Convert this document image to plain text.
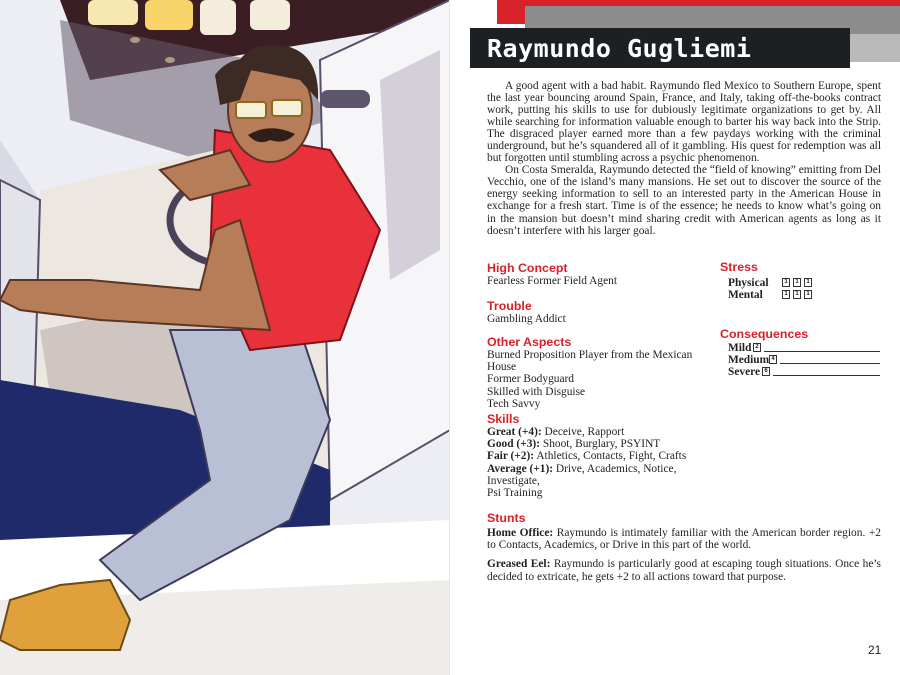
Raymundo Gugliemi

A good agent with a bad habit. Raymundo fled Mexico to Southern Europe, spent the last year bouncing around Spain, France, and Italy, taking off-the-books contract work, putting his skills to use for dubiously legitimate organizations to get by. All while searching for information valuable enough to barter his way back into the Strip. The disgraced player earned more than a few paydays working with the criminal underground, but he’s squandered all of it gambling. His quest for redemption was all but forgotten until stumbling across a psychic phenomenon.

On Costa Smeralda, Raymundo detected the “field of knowing” emitting from Del Vecchio, one of the island’s many mansions. He set out to discover the source of the energy seeking information to sell to an interested party in the American House in exchange for a fresh start. Time is of the essence; he needs to know what’s going on in the mansion but doesn’t mind sharing credit with American agents as long as it doesn’t interfere with his larger goal.

High Concept
Fearless Former Field Agent
Trouble
Gambling Addict
Other Aspects
Burned Proposition Player from the Mexican House
Former Bodyguard
Skilled with Disguise
Tech Savvy
Stress
Physical	1	1	1
Mental	1	1	1
Consequences
Mild 2
Medium 4
Severe 6
Skills
Great (+4): Deceive, Rapport
Good (+3): Shoot, Burglary, PSYINT
Fair (+2): Athletics, Contacts, Fight, Crafts
Average (+1): Drive, Academics, Notice, Investigate,
Psi Training
Stunts

Home Office: Raymundo is intimately familiar with the American border region. +2 to Contacts, Academics, or Drive in this part of the world.

Greased Eel: Raymundo is particularly good at escaping tough situations. Once he’s decided to extricate, he gets +2 to all actions toward that purpose.

21
